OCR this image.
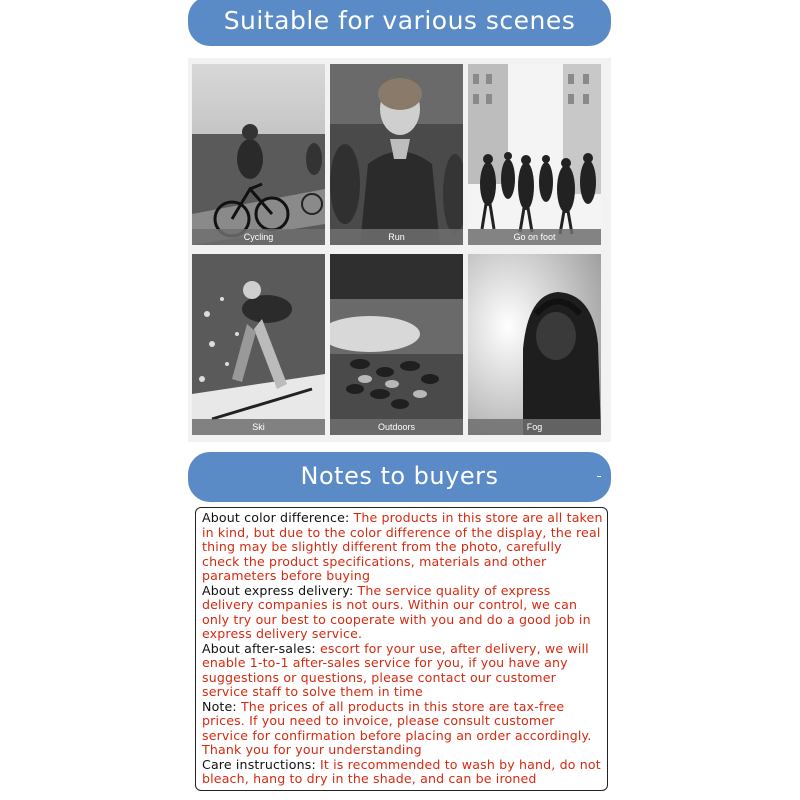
Suitable for various scenes
Cycling	Run	Go on foot
Ski	Outdoors	Fog
Notes to buyers

About color difference: The products in this store are all taken in kind, but due to the color difference of the display, the real thing may be slightly different from the photo, carefully check the product specifications, materials and other parameters before buying

About express delivery: The service quality of express delivery companies is not ours. Within our control, we can only try our best to cooperate with you and do a good job in express delivery service.

About after-sales: escort for your use, after delivery, we will enable 1-to-1 after-sales service for you, if you have any suggestions or questions, please contact our customer service staff to solve them in time

Note: The prices of all products in this store are tax-free prices. If you need to invoice, please consult customer service for confirmation before placing an order accordingly. Thank you for your understanding

Care instructions: It is recommended to wash by hand, do not bleach, hang to dry in the shade, and can be ironed
